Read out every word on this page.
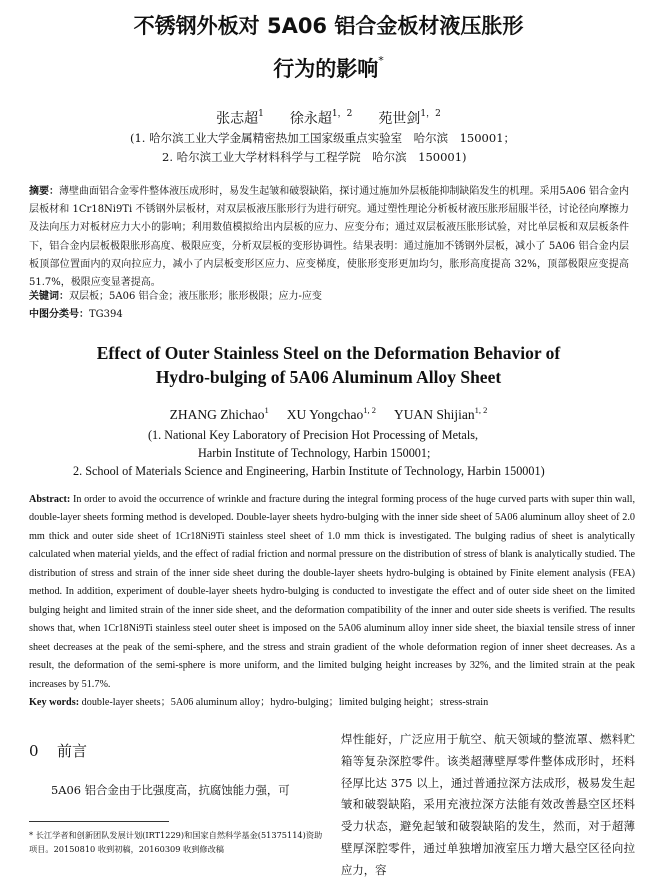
不锈钢外板对 5A06 铝合金板材液压胀形
行为的影响*
张志超$^1$ 徐永超$^{1,2}$ 苑世剑$^{1,2}$
(1. 哈尔滨工业大学金属精密热加工国家级重点实验室　哈尔滨　150001；
2. 哈尔滨工业大学材料科学与工程学院　哈尔滨　150001)
摘要：薄壁曲面铝合金零件整体液压成形时，易发生起皱和破裂缺陷，探讨通过施加外层板能抑制缺陷发生的机理。采用5A06 铝合金内层板材和 1Cr18Ni9Ti 不锈钢外层板材，对双层板液压胀形行为进行研究。通过塑性理论分析板材液压胀形屈服半径，讨论径向摩擦力及法向压力对板材应力大小的影响；利用数值模拟给出内层板的应力、应变分布；通过双层板液压胀形试验，对比单层板和双层板条件下，铝合金内层板极限胀形高度、极限应变，分析双层板的变形协调性。结果表明：通过施加不锈钢外层板，减小了 5A06 铝合金内层板顶部位置面内的双向拉应力，减小了内层板变形区应力、应变梯度，使胀形变形更加均匀，胀形高度提高 32%，顶部极限应变提高 51.7%，极限应变显著提高。
关键词：双层板；5A06 铝合金；液压胀形；胀形极限；应力-应变
中图分类号：TG394
Effect of Outer Stainless Steel on the Deformation Behavior of
Hydro-bulging of 5A06 Aluminum Alloy Sheet
ZHANG Zhichao$^1$ XU Yongchao$^{1, 2}$ YUAN Shijian$^{1, 2}$
(1. National Key Laboratory of Precision Hot Processing of Metals,
Harbin Institute of Technology, Harbin 150001;
2. School of Materials Science and Engineering, Harbin Institute of Technology, Harbin 150001)
Abstract: In order to avoid the occurrence of wrinkle and fracture during the integral forming process of the huge curved parts with super thin wall, double-layer sheets forming method is developed. Double-layer sheets hydro-bulging with the inner side sheet of 5A06 aluminum alloy sheet of 2.0 mm thick and outer side sheet of 1Cr18Ni9Ti stainless steel sheet of 1.0 mm thick is investigated. The bulging radius of sheet is analytically calculated when material yields, and the effect of radial friction and normal pressure on the distribution of stress of blank is analytically studied. The distribution of stress and strain of the inner side sheet during the double-layer sheets hydro-bulging is obtained by Finite element analysis (FEA) method. In addition, experiment of double-layer sheets hydro-bulging is conducted to investigate the effect and of outer side sheet on the limited bulging height and limited strain of the inner side sheet, and the deformation compatibility of the inner and outer side sheets is verified. The results shows that, when 1Cr18Ni9Ti stainless steel outer sheet is imposed on the 5A06 aluminum alloy inner side sheet, the biaxial tensile stress of inner sheet decreases at the peak of the semi-sphere, and the stress and strain gradient of the whole deformation region of inner sheet decreases. As a result, the deformation of the semi-sphere is more uniform, and the limited bulging height increases by 32%, and the limited strain at the peak increases by 51.7%.
Key words: double-layer sheets；5A06 aluminum alloy；hydro-bulging；limited bulging height；stress-strain
0 前言
5A06 铝合金由于比强度高，抗腐蚀能力强，可
* 长江学者和创新团队发展计划(IRT1229)和国家自然科学基金(51375114)资助项目。20150810 收到初稿，20160309 收到修改稿
焊性能好，广泛应用于航空、航天领域的整流罩、燃料贮箱等复杂深腔零件。该类超薄壁厚零件整体成形时，坯料径厚比达 375 以上，通过普通拉深方法成形，极易发生起皱和破裂缺陷，采用充液拉深方法能有效改善悬空区坯料受力状态，避免起皱和破裂缺陷的发生，然而，对于超薄壁厚深腔零件，通过单独增加液室压力增大悬空区径向拉应力，容
